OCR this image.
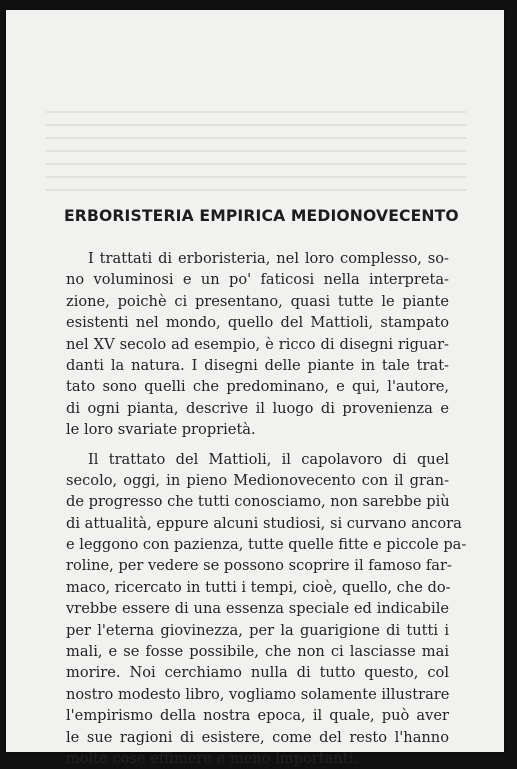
ERBORISTERIA EMPIRICA MEDIONOVECENTO
I trattati di erboristeria, nel loro complesso, so-
no voluminosi e un po' faticosi nella interpreta-
zione, poichè ci presentano, quasi tutte le piante
esistenti nel mondo, quello del Mattioli, stampato
nel XV secolo ad esempio, è ricco di disegni riguar-
danti la natura. I disegni delle piante in tale trat-
tato sono quelli che predominano, e qui, l'autore,
di ogni pianta, descrive il luogo di provenienza e
le loro svariate proprietà.
Il trattato del Mattioli, il capolavoro di quel
secolo, oggi, in pieno Medionovecento con il gran-
de progresso che tutti conosciamo, non sarebbe più
di attualità, eppure alcuni studiosi, si curvano ancora
e leggono con pazienza, tutte quelle fitte e piccole pa-
roline, per vedere se possono scoprire il famoso far-
maco, ricercato in tutti i tempi, cioè, quello, che do-
vrebbe essere di una essenza speciale ed indicabile
per l'eterna giovinezza, per la guarigione di tutti i
mali, e se fosse possibile, che non ci lasciasse mai
morire. Noi cerchiamo nulla di tutto questo, col
nostro modesto libro, vogliamo solamente illustrare
l'empirismo della nostra epoca, il quale, può aver
le sue ragioni di esistere, come del resto l'hanno
molte cose effimere e meno importanti.
